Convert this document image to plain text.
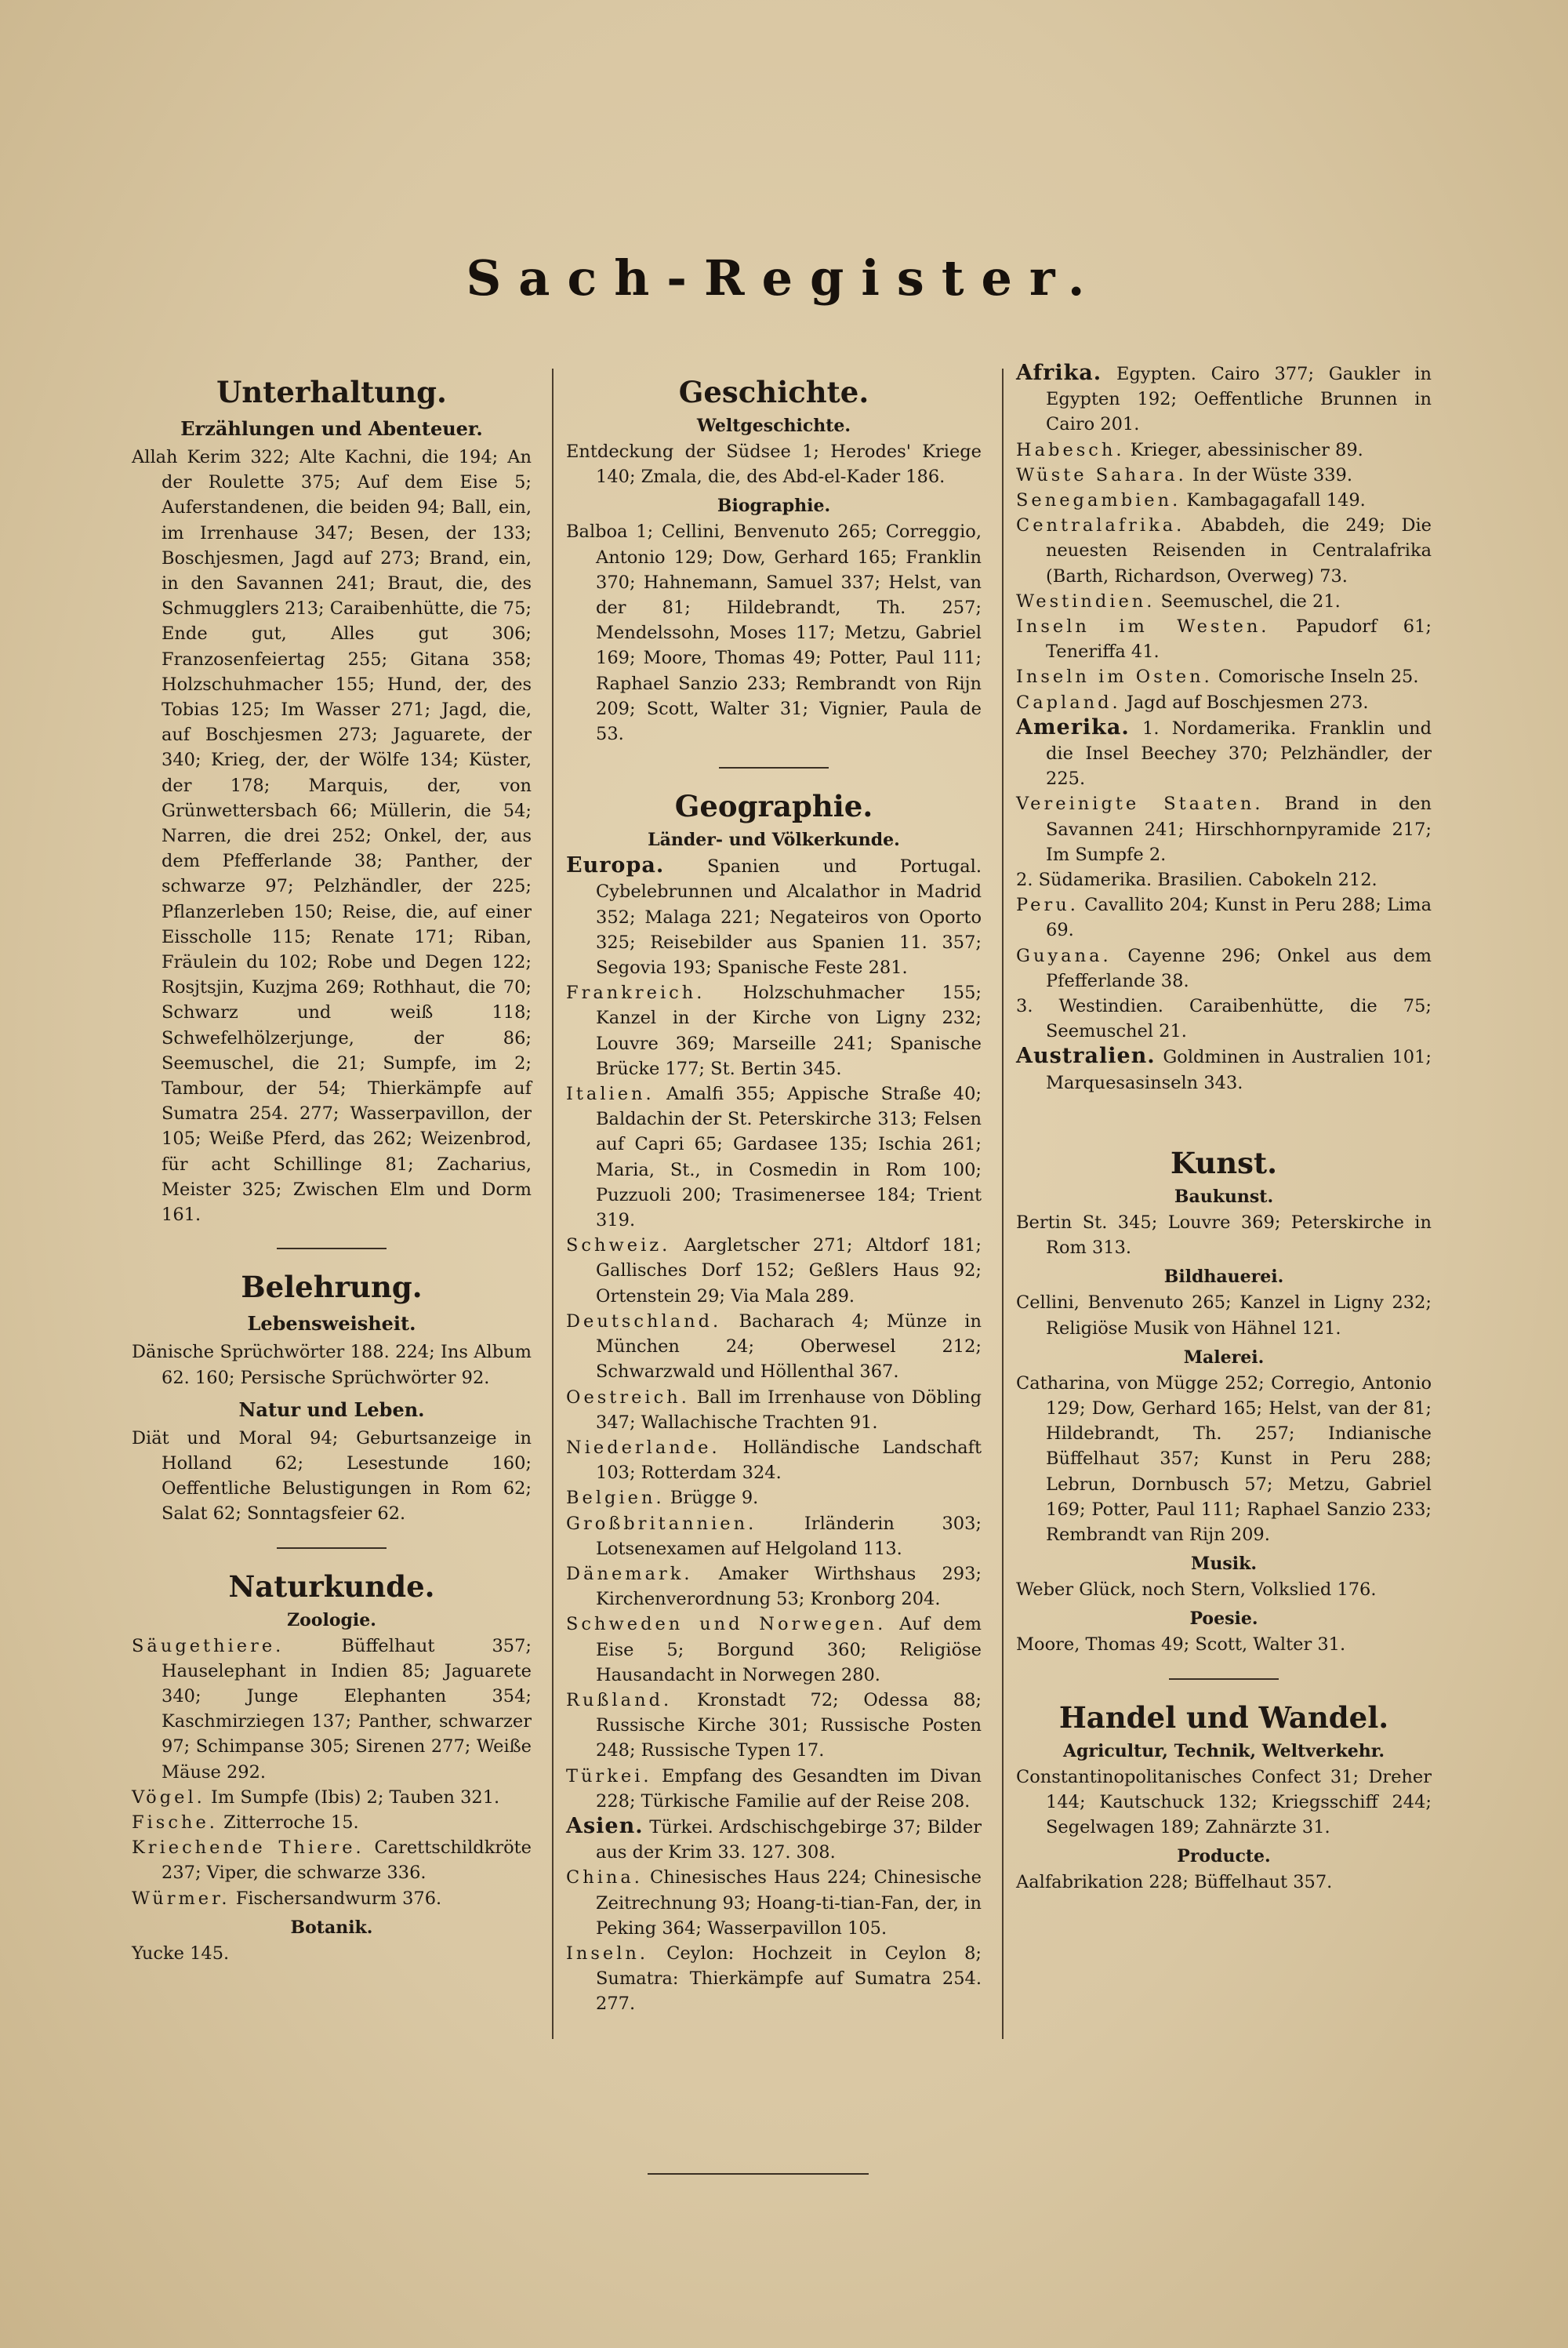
Sach-Register.
Unterhaltung.
Erzählungen und Abenteuer.

Allah Kerim 322; Alte Kachni, die 194; An der Roulette 375; Auf dem Eise 5; Auferstandenen, die beiden 94; Ball, ein, im Irrenhause 347; Besen, der 133; Boschjesmen, Jagd auf 273; Brand, ein, in den Savannen 241; Braut, die, des Schmugglers 213; Caraibenhütte, die 75; Ende gut, Alles gut 306; Franzosenfeiertag 255; Gitana 358; Holzschuhmacher 155; Hund, der, des Tobias 125; Im Wasser 271; Jagd, die, auf Boschjesmen 273; Jaguarete, der 340; Krieg, der, der Wölfe 134; Küster, der 178; Marquis, der, von Grünwettersbach 66; Müllerin, die 54; Narren, die drei 252; Onkel, der, aus dem Pfefferlande 38; Panther, der schwarze 97; Pelzhändler, der 225; Pflanzerleben 150; Reise, die, auf einer Eisscholle 115; Renate 171; Riban, Fräulein du 102; Robe und Degen 122; Rosjtsjin, Kuzjma 269; Rothhaut, die 70; Schwarz und weiß 118; Schwefelhölzerjunge, der 86; Seemuschel, die 21; Sumpfe, im 2; Tambour, der 54; Thierkämpfe auf Sumatra 254. 277; Wasserpavillon, der 105; Weiße Pferd, das 262; Weizenbrod, für acht Schillinge 81; Zacharius, Meister 325; Zwischen Elm und Dorm 161.

Belehrung.
Lebensweisheit.

Dänische Sprüchwörter 188. 224; Ins Album 62. 160; Persische Sprüchwörter 92.

Natur und Leben.

Diät und Moral 94; Geburtsanzeige in Holland 62; Lesestunde 160; Oeffentliche Belustigungen in Rom 62; Salat 62; Sonntagsfeier 62.

Naturkunde.
Zoologie.

Säugethiere.	Büffelhaut 357; Hauselephant in Indien 85; Jaguarete 340; Junge Elephanten 354; Kaschmirziegen 137; Panther, schwarzer 97; Schimpanse 305; Sirenen 277; Weiße Mäuse 292.

Vögel. Im Sumpfe (Ibis) 2; Tauben 321.

Fische. Zitterroche 15.

Kriechende Thiere. Carettschildkröte 237; Viper, die schwarze 336.

Würmer. Fischersandwurm 376.

Botanik.

Yucke 145.

Geschichte.
Weltgeschichte.

Entdeckung der Südsee 1; Herodes' Kriege 140; Zmala, die, des Abd-el-Kader 186.

Biographie.

Balboa 1; Cellini, Benvenuto 265; Correggio, Antonio 129; Dow, Gerhard 165; Franklin 370; Hahnemann, Samuel 337; Helst, van der 81; Hildebrandt, Th. 257; Mendelssohn, Moses 117; Metzu, Gabriel 169; Moore, Thomas 49; Potter, Paul 111; Raphael Sanzio 233; Rembrandt von Rijn 209; Scott, Walter 31; Vignier, Paula de 53.

Geographie.
Länder- und Völkerkunde.

Europa. Spanien und Portugal. Cybelebrunnen und Alcalathor in Madrid 352; Malaga 221; Negateiros von Oporto 325; Reisebilder aus Spanien 11. 357; Segovia 193; Spanische Feste 281.

Frankreich. Holzschuhmacher 155; Kanzel in der Kirche von Ligny 232; Louvre 369; Marseille 241; Spanische Brücke 177; St. Bertin 345.

Italien. Amalfi 355; Appische Straße 40; Baldachin der St. Peterskirche 313; Felsen auf Capri 65; Gardasee 135; Ischia 261; Maria, St., in Cosmedin in Rom 100; Puzzuoli 200; Trasimenersee 184; Trient 319.

Schweiz. Aargletscher 271; Altdorf 181; Gallisches Dorf 152; Geßlers Haus 92; Ortenstein 29; Via Mala 289.

Deutschland. Bacharach 4; Münze in München 24; Oberwesel 212; Schwarzwald und Höllenthal 367.

Oestreich. Ball im Irrenhause von Döbling 347; Wallachische Trachten 91.

Niederlande. Holländische Landschaft 103; Rotterdam 324.

Belgien. Brügge 9.

Großbritannien.	Irländerin 303; Lotsenexamen auf Helgoland 113.

Dänemark. Amaker Wirthshaus 293; Kirchenverordnung 53; Kronborg 204.

Schweden und Norwegen. Auf dem Eise 5; Borgund 360; Religiöse Hausandacht in Norwegen 280.

Rußland. Kronstadt 72; Odessa 88; Russische Kirche 301; Russische Posten 248; Russische Typen 17.

Türkei. Empfang des Gesandten im Divan 228; Türkische Familie auf der Reise 208.

Asien. Türkei. Ardschischgebirge 37; Bilder aus der Krim 33. 127. 308.

China. Chinesisches Haus 224; Chinesische Zeitrechnung 93; Hoang-ti-tian-Fan, der, in Peking 364; Wasserpavillon 105.

Inseln. Ceylon: Hochzeit in Ceylon 8; Sumatra: Thierkämpfe auf Sumatra 254. 277.

Afrika. Egypten. Cairo 377; Gaukler in Egypten 192; Oeffentliche Brunnen in Cairo 201.

Habesch. Krieger, abessinischer 89.

Wüste Sahara. In der Wüste 339.

Senegambien. Kambagagafall 149.

Centralafrika. Ababdeh, die 249; Die neuesten Reisenden in Centralafrika (Barth, Richardson, Overweg) 73.

Westindien. Seemuschel, die 21.

Inseln im Westen. Papudorf 61; Teneriffa 41.

Inseln im Osten. Comorische Inseln 25.

Capland. Jagd auf Boschjesmen 273.

Amerika. 1. Nordamerika. Franklin und die Insel Beechey 370; Pelzhändler, der 225.

Vereinigte Staaten. Brand in den Savannen 241; Hirschhornpyramide 217; Im Sumpfe 2.

2. Südamerika. Brasilien. Cabokeln 212.

Peru. Cavallito 204; Kunst in Peru 288; Lima 69.

Guyana. Cayenne 296; Onkel aus dem Pfefferlande 38.

3. Westindien. Caraibenhütte, die 75; Seemuschel 21.

Australien. Goldminen in Australien 101; Marquesasinseln 343.

Kunst.
Baukunst.

Bertin St. 345; Louvre 369; Peterskirche in Rom 313.

Bildhauerei.

Cellini, Benvenuto 265; Kanzel in Ligny 232; Religiöse Musik von Hähnel 121.

Malerei.

Catharina, von Mügge 252; Corregio, Antonio 129; Dow, Gerhard 165; Helst, van der 81; Hildebrandt, Th. 257; Indianische Büffelhaut 357; Kunst in Peru 288; Lebrun, Dornbusch 57; Metzu, Gabriel 169; Potter, Paul 111; Raphael Sanzio 233; Rembrandt van Rijn 209.

Musik.

Weber Glück, noch Stern, Volkslied 176.

Poesie.

Moore, Thomas 49; Scott, Walter 31.

Handel und Wandel.
Agricultur, Technik, Weltverkehr.

Constantinopolitanisches Confect 31; Dreher 144; Kautschuck 132; Kriegsschiff 244; Segelwagen 189; Zahnärzte 31.

Producte.

Aalfabrikation 228; Büffelhaut 357.
